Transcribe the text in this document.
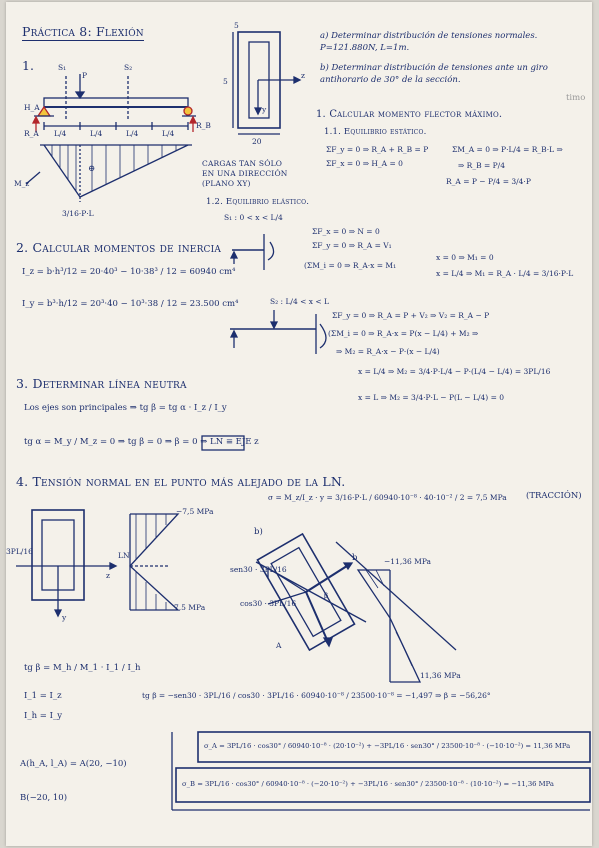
Práctica 8: Flexión
1.
timo
S₁
P
S₂
L/4	L/4	L/4	L/4
R_A
R_B
H_A
M_z
⊕
3/16·P·L
5
5
20
z
y
a) Determinar distribución de tensiones normales. P=121.880N, L=1m.
b) Determinar distribución de tensiones ante un giro antihorario de 30° de la sección.
CARGAS TAN SÓLO
EN UNA DIRECCIÓN
(PLANO XY)
1. Calcular momento flector máximo.
1.1. Equilibrio estático.
ΣF_y = 0 ⇒ R_A + R_B = P
ΣF_x = 0 ⇒ H_A = 0
ΣM_A = 0 ⇒ P·L/4 = R_B·L ⇒
⇒ R_B = P/4
R_A = P − P/4 = 3/4·P
1.2. Equilibrio elástico.
S₁ : 0 < x < L/4
ΣF_x = 0 ⇒ N = 0
ΣF_y = 0 ⇒ R_A = V₁
(ΣM_i = 0 ⇒ R_A·x = M₁
x = 0 ⇒ M₁ = 0
x = L/4 ⇒ M₁ = R_A · L/4 = 3/16·P·L
2. Calcular momentos de inercia
I_z = b·h³/12 = 20·40³ − 10·38³ / 12 = 60940 cm⁴
I_y = b³·h/12 = 20³·40 − 10³·38 / 12 = 23.500 cm⁴	S₂ : L/4 < x < L
ΣF_y = 0 ⇒ R_A = P + V₂ ⇒ V₂ = R_A − P
(ΣM_i = 0 ⇒ R_A·x = P(x − L/4) + M₂ ⇒
⇒ M₂ = R_A·x − P·(x − L/4)
x = L/4 ⇒ M₂ = 3/4·P·L/4 − P·(L/4 − L/4) = 3PL/16
x = L ⇒ M₂ = 3/4·P·L − P(L − L/4) = 0
3. Determinar línea neutra
Los ejes son principales ⇒ tg β = tg α · I_z / I_y
tg α = M_y / M_z = 0 ⇒ tg β = 0 ⇒ β = 0 ⇒ LN ≡ EJE z
4. Tensión normal en el punto más alejado de la LN.
σ = M_z/I_z · y = 3/16·P·L / 60940·10⁻⁸ · 40·10⁻² / 2 = 7,5 MPa (TRACCIÓN)
LN
z
y
3PL/16
−7,5 MPa
7,5 MPa
b)
−11,36 MPa
11,36 MPa
sen30 · 3PL/16
cos30 · 3PL/16
A
b
β
tg β = M_h / M_1 · I_1 / I_h
I_1 = I_z
I_h = I_y
tg β = −sen30 · 3PL/16 / cos30 · 3PL/16 · 60940·10⁻⁸ / 23500·10⁻⁸ = −1,497 ⇒ β = −56,26°
A(h_A, l_A) = A(20, −10)
B(−20, 10)
σ_A = 3PL/16 · cos30° / 60940·10⁻⁸ · (20·10⁻²) + −3PL/16 · sen30° / 23500·10⁻⁸ · (−10·10⁻²) = 11,36 MPa
σ_B = 3PL/16 · cos30° / 60940·10⁻⁸ · (−20·10⁻²) + −3PL/16 · sen30° / 23500·10⁻⁸ · (10·10⁻²) = −11,36 MPa
